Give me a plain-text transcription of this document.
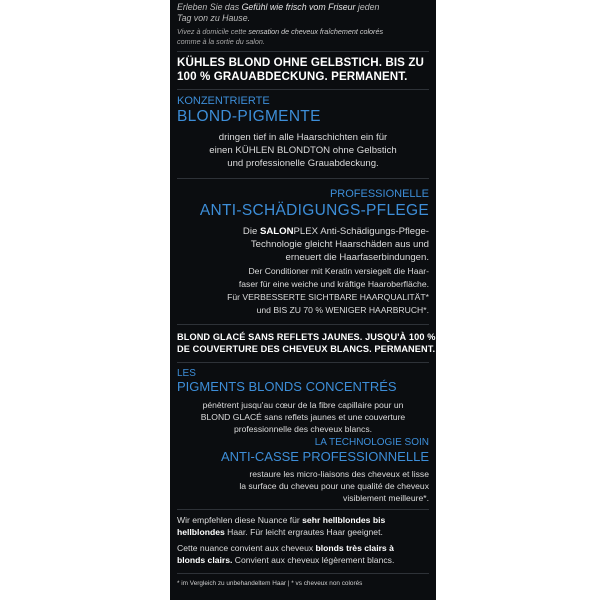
Erleben Sie das Gefühl wie frisch vom Friseur jeden

Tag von zu Hause.

Vivez à domicile cette sensation de cheveux fraîchement colorés

comme à la sortie du salon.

KÜHLES BLOND OHNE GELBSTICH. BIS ZU

100 % GRAUABDECKUNG. PERMANENT.

KONZENTRIERTE

BLOND-PIGMENTE

dringen tief in alle Haarschichten ein für

einen KÜHLEN BLONDTON ohne Gelbstich

und professionelle Grauabdeckung.

PROFESSIONELLE

ANTI-SCHÄDIGUNGS-PFLEGE

Die SALONPLEX Anti-Schädigungs-Pflege-

Technologie gleicht Haarschäden aus und

erneuert die Haarfaserbindungen.

Der Conditioner mit Keratin versiegelt die Haar-

faser für eine weiche und kräftige Haaroberfläche.

Für VERBESSERTE SICHTBARE HAARQUALITÄT*

und BIS ZU 70 % WENIGER HAARBRUCH*.

BLOND GLACÉ SANS REFLETS JAUNES. JUSQU'À 100 %

DE COUVERTURE DES CHEVEUX BLANCS. PERMANENT.

LES

PIGMENTS BLONDS CONCENTRÉS

pénètrent jusqu'au cœur de la fibre capillaire pour un

BLOND GLACÉ sans reflets jaunes et une couverture

professionnelle des cheveux blancs.

LA TECHNOLOGIE SOIN

ANTI-CASSE PROFESSIONNELLE

restaure les micro-liaisons des cheveux et lisse

la surface du cheveu pour une qualité de cheveux

visiblement meilleure*.

Wir empfehlen diese Nuance für sehr hellblondes bis

hellblondes Haar. Für leicht ergrautes Haar geeignet.

Cette nuance convient aux cheveux blonds très clairs à

blonds clairs. Convient aux cheveux légèrement blancs.

* im Vergleich zu unbehandeltem Haar | * vs cheveux non colorés
